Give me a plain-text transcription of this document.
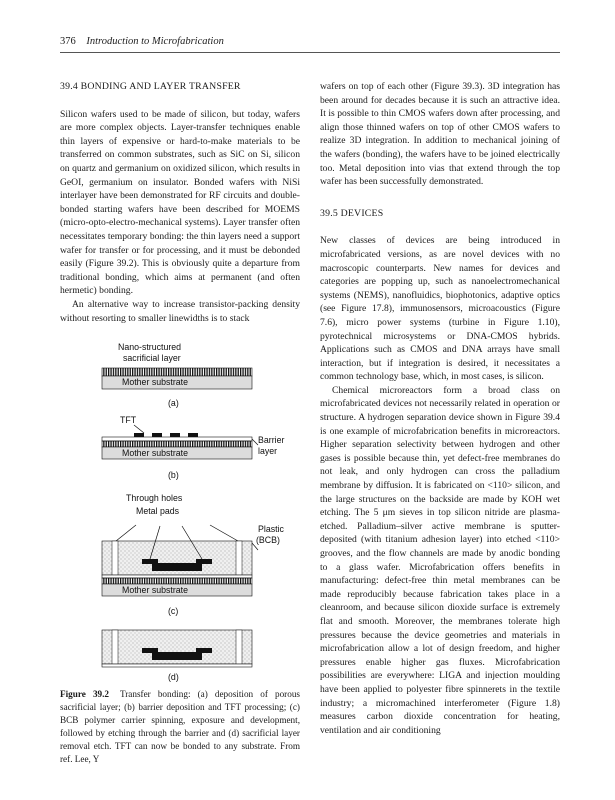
376 Introduction to Microfabrication
39.4 BONDING AND LAYER TRANSFER

Silicon wafers used to be made of silicon, but today, wafers are more complex objects. Layer-transfer techniques enable thin layers of expensive or hard-to-make materials to be transferred on common substrates, such as SiC on Si, silicon on quartz and germanium on oxidized silicon, which results in GeOI, germanium on insulator. Bonded wafers with NiSi interlayer have been demonstrated for RF circuits and double-bonded starting wafers have been described for MOEMS (micro-opto-electro-mechanical systems). Layer transfer often necessitates temporary bonding: the thin layers need a support wafer for transfer or for processing, and it must be debonded easily (Figure 39.2). This is obviously quite a departure from traditional bonding, which aims at permanent (and often hermetic) bonding.

An alternative way to increase transistor-packing density without resorting to smaller linewidths is to stack

Nano-structured
sacrificial layer
Mother substrate
(a)
TFT
Barrier
layer
Mother substrate
(b)
Through holes
Metal pads
Plastic
(BCB)
Mother substrate
(c)
(d)
Figure 39.2 Transfer bonding: (a) deposition of porous sacrificial layer; (b) barrier deposition and TFT processing; (c) BCB polymer carrier spinning, exposure and development, followed by etching through the barrier and (d) sacrificial layer removal etch. TFT can now be bonded to any substrate. From ref. Lee, Y

wafers on top of each other (Figure 39.3). 3D integration has been around for decades because it is such an attractive idea. It is possible to thin CMOS wafers down after processing, and align those thinned wafers on top of other CMOS wafers to realize 3D integration. In addition to mechanical joining of the wafers (bonding), the wafers have to be joined electrically too. Metal deposition into vias that extend through the top wafer has been successfully demonstrated.

39.5 DEVICES

New classes of devices are being introduced in microfabricated versions, as are novel devices with no macroscopic counterparts. New names for devices and categories are popping up, such as nanoelectromechanical systems (NEMS), nanofluidics, biophotonics, adaptive optics (see Figure 17.8), immunosensors, microacoustics (Figure 7.6), micro power systems (turbine in Figure 1.10), pyrotechnical microsystems or DNA-CMOS hybrids. Applications such as CMOS and DNA arrays have small interaction, but if integration is desired, it necessitates a common technology base, which, in most cases, is silicon.

Chemical microreactors form a broad class on microfabricated devices not necessarily related in operation or structure. A hydrogen separation device shown in Figure 39.4 is one example of microfabrication benefits in microreactors. Higher separation selectivity between hydrogen and other gases is possible because thin, yet defect-free membranes do not leak, and only hydrogen can cross the palladium membrane by diffusion. It is fabricated on <110> silicon, and the large structures on the backside are made by KOH wet etching. The 5 μm sieves in top silicon nitride are plasma-etched. Palladium–silver active membrane is sputter-deposited (with titanium adhesion layer) into etched <110> grooves, and the flow channels are made by anodic bonding to a glass wafer. Microfabrication offers benefits in manufacturing: defect-free thin metal membranes can be made reproducibly because fabrication takes place in a cleanroom, and because silicon dioxide surface is extremely flat and smooth. Moreover, the membranes tolerate high pressures because the device geometries and materials in microfabrication allow a lot of design freedom, and higher pressures enable higher gas fluxes. Microfabrication possibilities are everywhere: LIGA and injection moulding have been applied to polyester fibre spinnerets in the textile industry; a micromachined interferometer (Figure 1.8) measures carbon dioxide concentration for heating, ventilation and air conditioning
